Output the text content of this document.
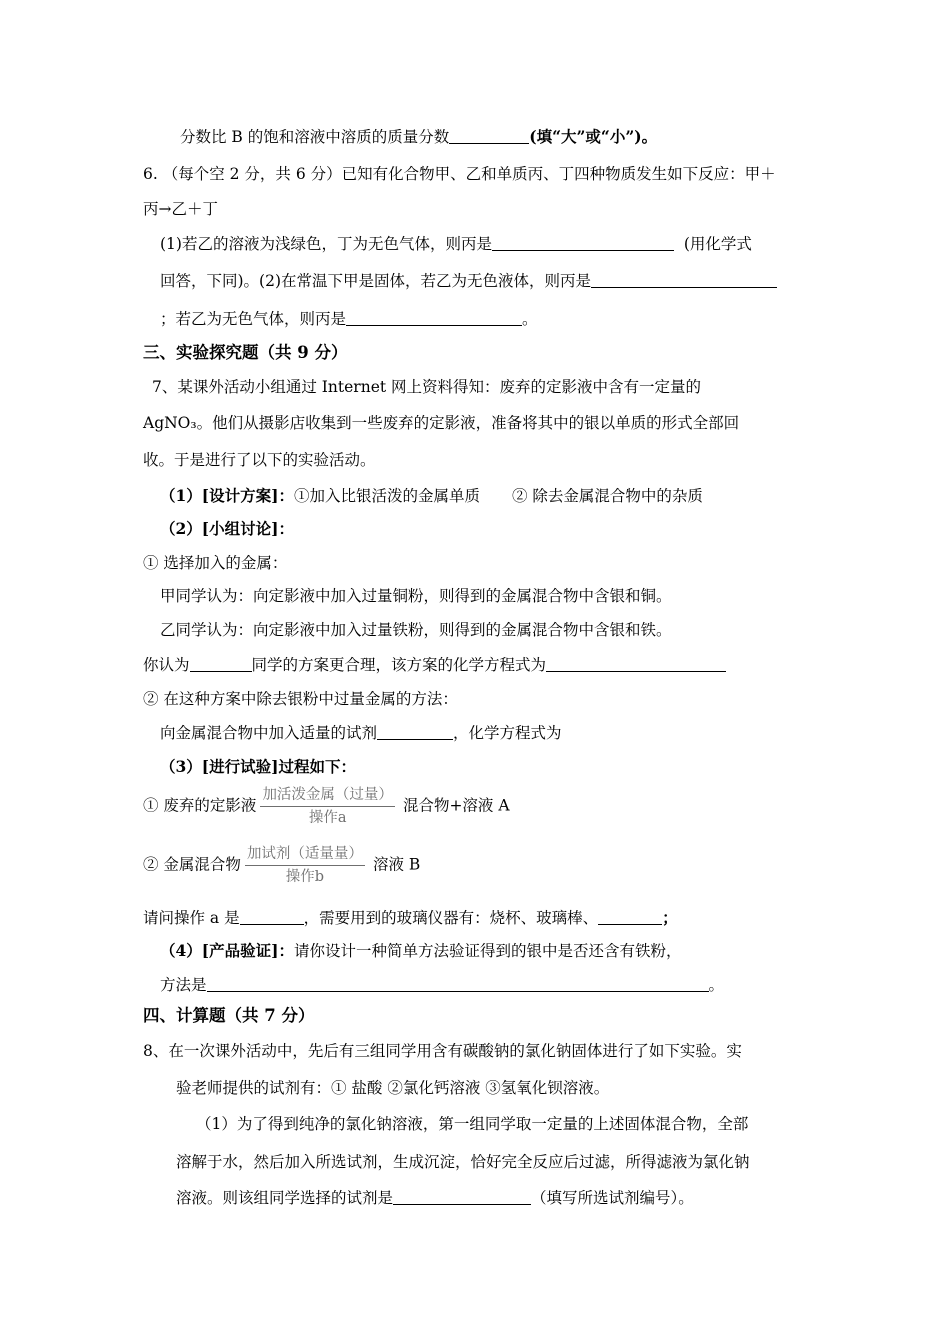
分数比 B 的饱和溶液中溶质的质量分数	(填“大”或“小”)。
6. （每个空 2 分，共 6 分）已知有化合物甲、乙和单质丙、丁四种物质发生如下反应：甲＋
丙→乙＋丁
(1)若乙的溶液为浅绿色，丁为无色气体，则丙是	(用化学式
回答，下同)。(2)在常温下甲是固体，若乙为无色液体，则丙是
；若乙为无色气体，则丙是	。
三、实验探究题（共 9 分）
7、某课外活动小组通过 Internet 网上资料得知：废弃的定影液中含有一定量的
AgNO₃。他们从摄影店收集到一些废弃的定影液，准备将其中的银以单质的形式全部回
收。于是进行了以下的实验活动。
（1）[设计方案]：①加入比银活泼的金属单质 ② 除去金属混合物中的杂质
（2）[小组讨论]：
① 选择加入的金属：
甲同学认为：向定影液中加入过量铜粉，则得到的金属混合物中含银和铜。
乙同学认为：向定影液中加入过量铁粉，则得到的金属混合物中含银和铁。
你认为	同学的方案更合理，该方案的化学方程式为
② 在这种方案中除去银粉中过量金属的方法：
向金属混合物中加入适量的试剂	，化学方程式为
（3）[进行试验]过程如下：
① 废弃的定影液 $\frac{\text{加活泼金属（过量）}}{\text{操作a}}$ 混合物+溶液 A
② 金属混合物 $\frac{\text{加试剂（适量量）}}{\text{操作b}}$ 溶液 B
请问操作 a 是	，需要用到的玻璃仪器有：烧杯、玻璃棒、	；
（4）[产品验证]：请你设计一种简单方法验证得到的银中是否还含有铁粉，
方法是	。
四、计算题（共 7 分）
8、在一次课外活动中，先后有三组同学用含有碳酸钠的氯化钠固体进行了如下实验。实
验老师提供的试剂有：① 盐酸 ②氯化钙溶液 ③氢氧化钡溶液。
（1）为了得到纯净的氯化钠溶液，第一组同学取一定量的上述固体混合物，全部
溶解于水，然后加入所选试剂，生成沉淀，恰好完全反应后过滤，所得滤液为氯化钠
溶液。则该组同学选择的试剂是	（填写所选试剂编号）。
